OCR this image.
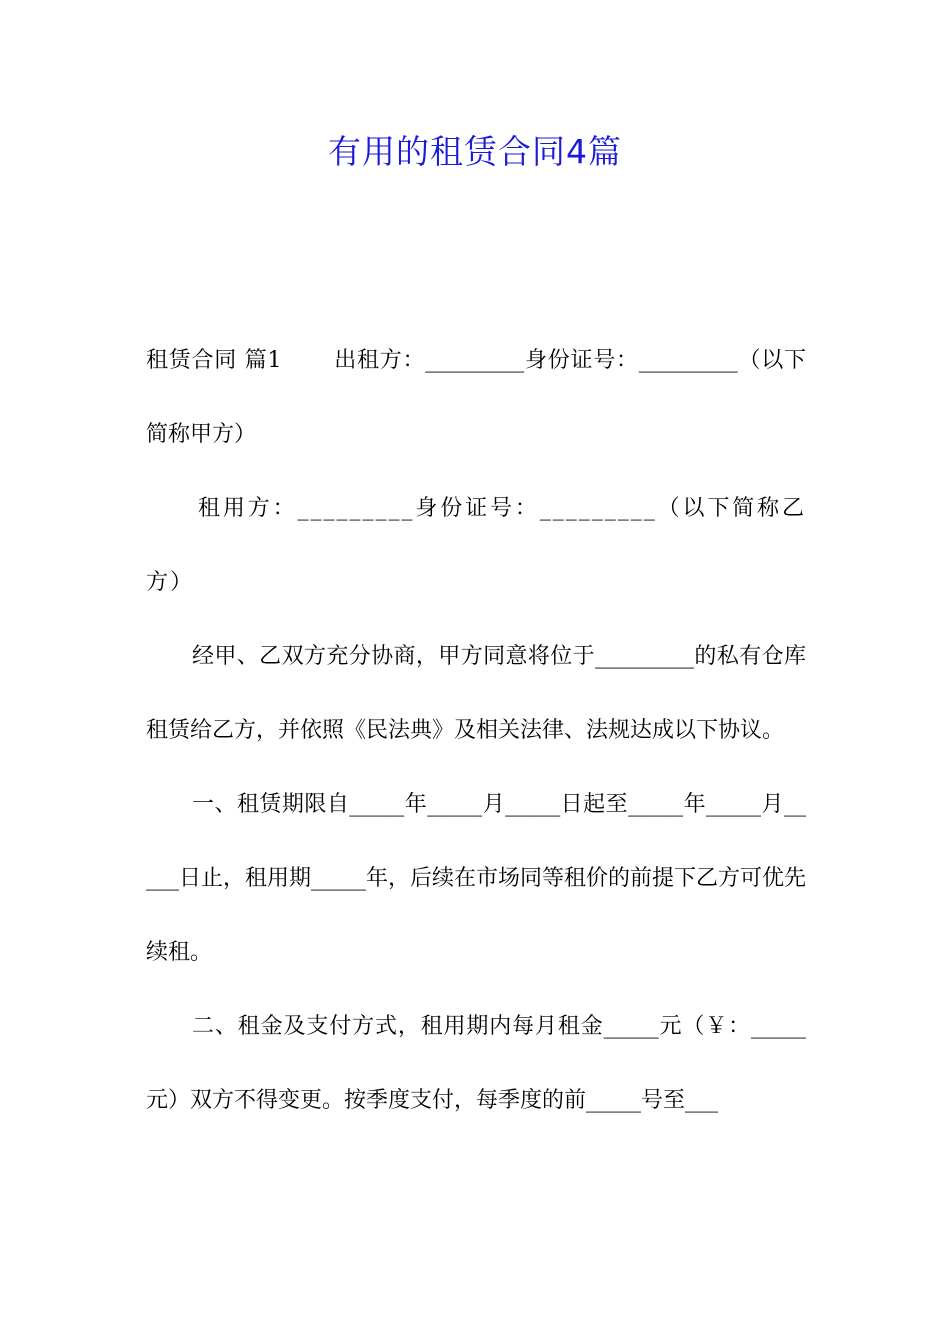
有用的租赁合同4篇

租赁合同 篇1 出租方：_________身份证号：_________（以下简称甲方）

租用方：_________身份证号：_________（以下简称乙方）

经甲、乙双方充分协商，甲方同意将位于_________的私有仓库租赁给乙方，并依照《民法典》及相关法律、法规达成以下协议。

一、租赁期限自_____年_____月_____日起至_____年_____月_____日止，租用期_____年，后续在市场同等租价的前提下乙方可优先续租。

二、租金及支付方式，租用期内每月租金_____元（￥：_____元）双方不得变更。按季度支付，每季度的前_____号至___
